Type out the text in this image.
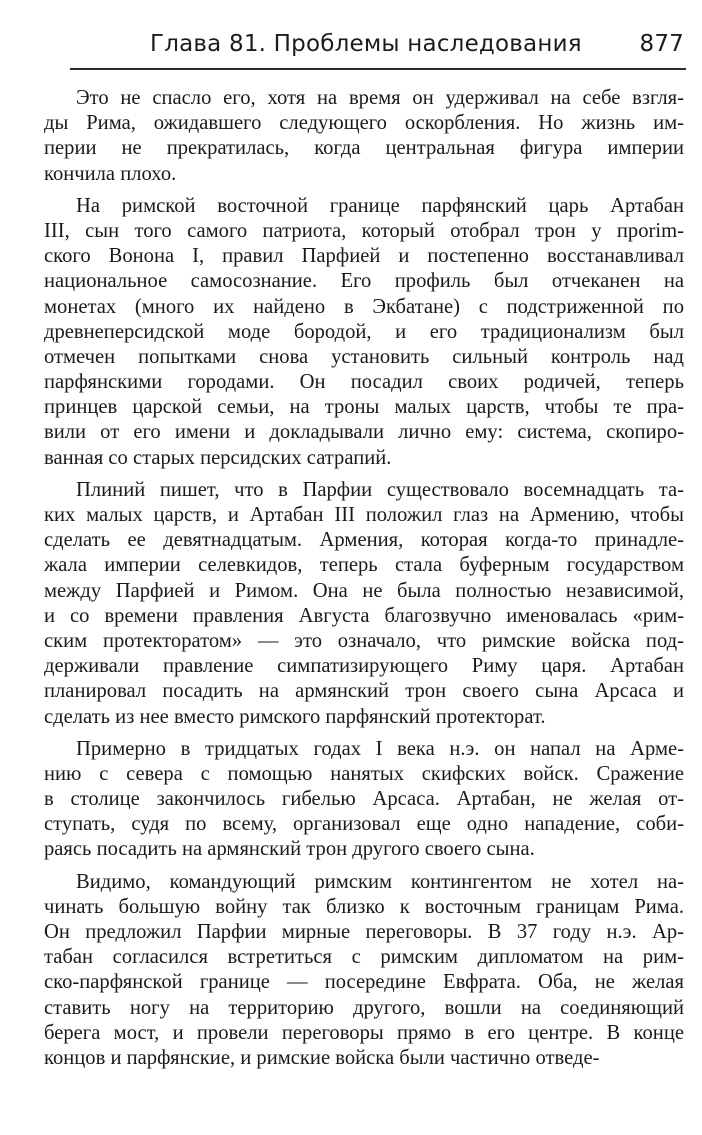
Глава 81. Проблемы наследования	877
Это не спасло его, хотя на время он удерживал на себе взгля-
ды Рима, ожидавшего следующего оскорбления. Но жизнь им-
перии не прекратилась, когда центральная фигура империи
кончила плохо.
На римской восточной границе парфянский царь Артабан
III, сын того самого патриота, который отобрал трон у проrim-
ского Вонона I, правил Парфией и постепенно восстанавливал
национальное самосознание. Его профиль был отчеканен на
монетах (много их найдено в Экбатане) с подстриженной по
древнеперсидской моде бородой, и его традиционализм был
отмечен попытками снова установить сильный контроль над
парфянскими городами. Он посадил своих родичей, теперь
принцев царской семьи, на троны малых царств, чтобы те пра-
вили от его имени и докладывали лично ему: система, скопиро-
ванная со старых персидских сатрапий.
Плиний пишет, что в Парфии существовало восемнадцать та-
ких малых царств, и Артабан III положил глаз на Армению, чтобы
сделать ее девятнадцатым. Армения, которая когда-то принадле-
жала империи селевкидов, теперь стала буферным государством
между Парфией и Римом. Она не была полностью независимой,
и со времени правления Августа благозвучно именовалась «рим-
ским протекторатом» — это означало, что римские войска под-
держивали правление симпатизирующего Риму царя. Артабан
планировал посадить на армянский трон своего сына Арсаса и
сделать из нее вместо римского парфянский протекторат.
Примерно в тридцатых годах I века н.э. он напал на Арме-
нию с севера с помощью нанятых скифских войск. Сражение
в столице закончилось гибелью Арсаса. Артабан, не желая от-
ступать, судя по всему, организовал еще одно нападение, соби-
раясь посадить на армянский трон другого своего сына.
Видимо, командующий римским контингентом не хотел на-
чинать большую войну так близко к восточным границам Рима.
Он предложил Парфии мирные переговоры. В 37 году н.э. Ар-
табан согласился встретиться с римским дипломатом на рим-
ско-парфянской границе — посередине Евфрата. Оба, не желая
ставить ногу на территорию другого, вошли на соединяющий
берега мост, и провели переговоры прямо в его центре. В конце
концов и парфянские, и римские войска были частично отведе-
